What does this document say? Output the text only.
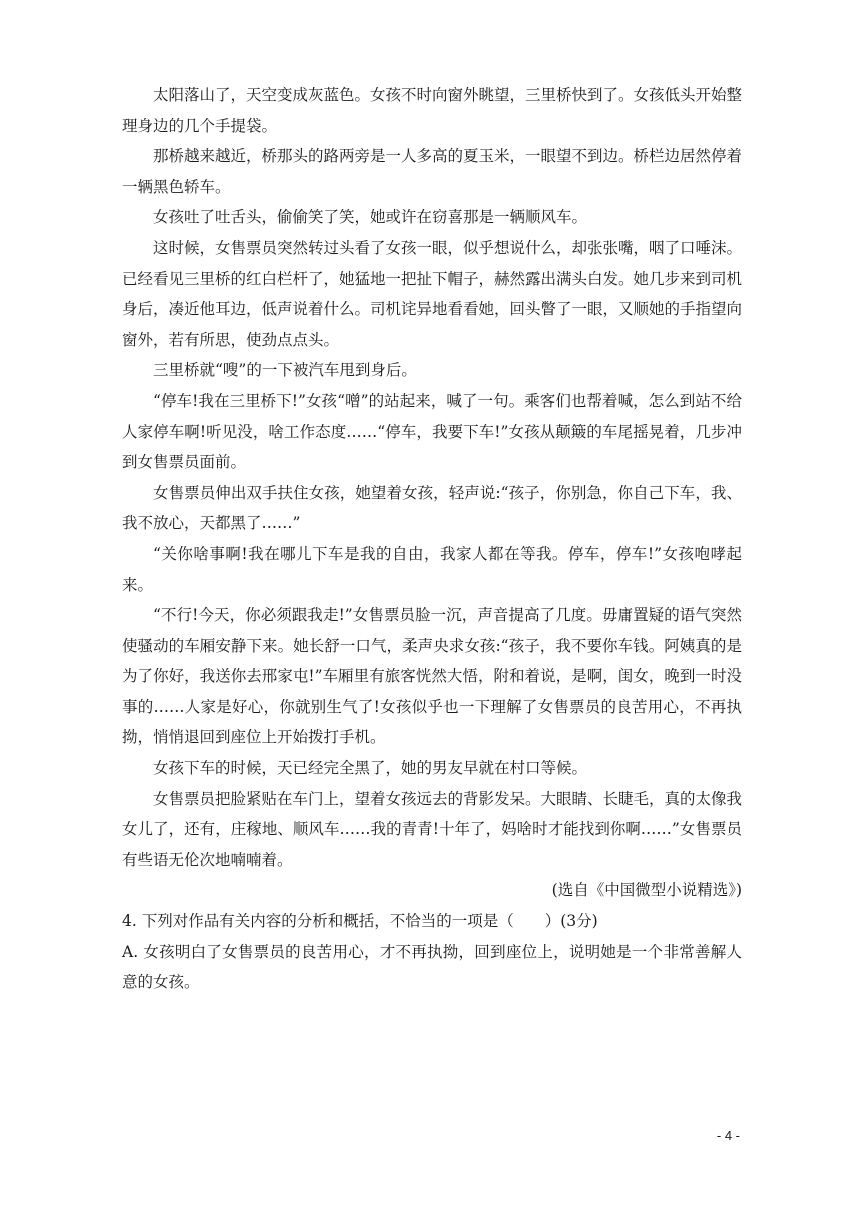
太阳落山了，天空变成灰蓝色。女孩不时向窗外眺望，三里桥快到了。女孩低头开始整理身边的几个手提袋。

那桥越来越近，桥那头的路两旁是一人多高的夏玉米，一眼望不到边。桥栏边居然停着一辆黑色轿车。

女孩吐了吐舌头，偷偷笑了笑，她或许在窃喜那是一辆顺风车。

这时候，女售票员突然转过头看了女孩一眼，似乎想说什么，却张张嘴，咽了口唾沫。已经看见三里桥的红白栏杆了，她猛地一把扯下帽子，赫然露出满头白发。她几步来到司机身后，凑近他耳边，低声说着什么。司机诧异地看看她，回头瞥了一眼，又顺她的手指望向窗外，若有所思，使劲点点头。

三里桥就“嗖”的一下被汽车甩到身后。

“停车!我在三里桥下!”女孩“噌”的站起来，喊了一句。乘客们也帮着喊，怎么到站不给人家停车啊!听见没，啥工作态度……“停车，我要下车!”女孩从颠簸的车尾摇晃着，几步冲到女售票员面前。

女售票员伸出双手扶住女孩，她望着女孩，轻声说:“孩子，你别急，你自己下车，我、我不放心，天都黑了……”

“关你啥事啊!我在哪儿下车是我的自由，我家人都在等我。停车，停车!”女孩咆哮起来。

“不行!今天，你必须跟我走!”女售票员脸一沉，声音提高了几度。毋庸置疑的语气突然使骚动的车厢安静下来。她长舒一口气，柔声央求女孩:“孩子，我不要你车钱。阿姨真的是为了你好，我送你去邢家屯!”车厢里有旅客恍然大悟，附和着说，是啊，闺女，晚到一时没事的……人家是好心，你就别生气了!女孩似乎也一下理解了女售票员的良苦用心，不再执拗，悄悄退回到座位上开始拨打手机。

女孩下车的时候，天已经完全黑了，她的男友早就在村口等候。

女售票员把脸紧贴在车门上，望着女孩远去的背影发呆。大眼睛、长睫毛，真的太像我女儿了，还有，庄稼地、顺风车……我的青青!十年了，妈啥时才能找到你啊……”女售票员有些语无伦次地喃喃着。

(选自《中国微型小说精选》)

4. 下列对作品有关内容的分析和概括，不恰当的一项是（　　）(3分)

A. 女孩明白了女售票员的良苦用心，才不再执拗，回到座位上，说明她是一个非常善解人意的女孩。

- 4 -
